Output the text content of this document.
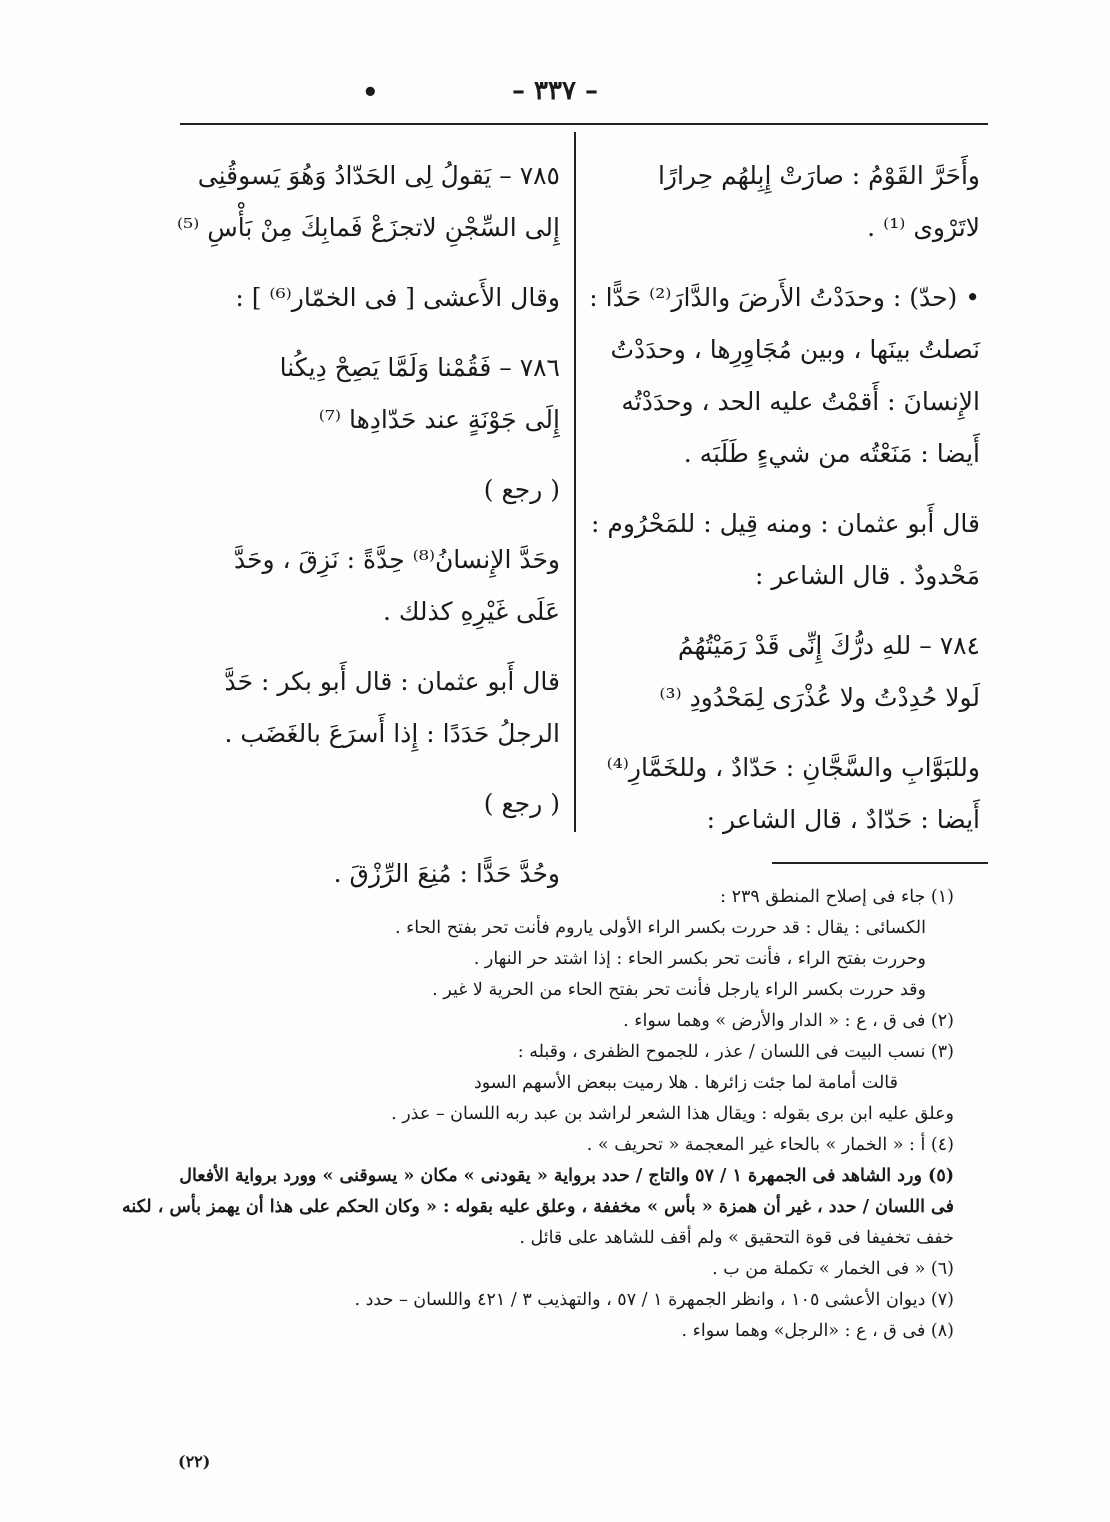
– ٣٣٧ –
•
وأَحَرَّ القَوْمُ : صارَتْ إِبِلهُم حِرارًا
لاتَرْوى ⁽¹⁾ .
• (حدّ) : وحدَدْتُ الأَرضَ والدَّارَ⁽²⁾ حَدًّا :
نَصلتُ بينَها ، وبين مُجَاوِرِها ، وحدَدْتُ
الإِنسانَ : أَقمْتُ عليه الحد ، وحدَدْتُه
أَيضا : مَنَعْتُه من شيءٍ طَلَبَه .
قال أَبو عثمان : ومنه قِيل : للمَحْرُوم :
مَحْدودٌ . قال الشاعر :
٧٨٤ – للهِ درُّكَ إِنِّى قَدْ رَمَيْتُهُمُ
لَولا حُدِدْتُ ولا عُذْرَى لِمَحْدُودِ ⁽³⁾
وللبَوَّابِ والسَّجَّانِ : حَدّادٌ ، وللخَمَّارِ⁽⁴⁾
أَيضا : حَدّادٌ ، قال الشاعر :
٧٨٥ – يَقولُ لِى الحَدّادُ وَهُوَ يَسوقُنِى
إِلى السِّجْنِ لاتجزَعْ فَمابِكَ مِنْ بَأْسِ ⁽⁵⁾
وقال الأَعشى [ فى الخمّار⁽⁶⁾ ] :
٧٨٦ – فَقُمْنا وَلَمَّا يَصِحْ دِيكُنا
إِلَى جَوْنَةٍ عند حَدّادِها ⁽⁷⁾
( رجع )
وحَدَّ الإِنسانُ⁽⁸⁾ حِدَّةً : نَزِقَ ، وحَدَّ
عَلَى غَيْرِهِ كذلك .
قال أَبو عثمان : قال أَبو بكر : حَدَّ
الرجلُ حَدَدًا : إِذا أَسرَعَ بالغَضَب .
( رجع )
وحُدَّ حَدًّا : مُنِعَ الرِّزْقَ .
(١) جاء فى إصلاح المنطق ٢٣٩ :
الكسائى : يقال : قد حررت بكسر الراء الأولى ياروم فأنت تحر بفتح الحاء .
وحررت بفتح الراء ، فأنت تحر بكسر الحاء : إذا اشتد حر النهار .
وقد حررت بكسر الراء يارجل فأنت تحر بفتح الحاء من الحرية لا غير .
(٢) فى ق ، ع : « الدار والأرض » وهما سواء .
(٣) نسب البيت فى اللسان / عذر ، للجموح الظفرى ، وقبله :
قالت أمامة لما جئت زائرها . هلا رميت ببعض الأسهم السود
وعلق عليه ابن برى بقوله : ويقال هذا الشعر لراشد بن عبد ربه اللسان – عذر .
(٤) أ : « الخمار » بالحاء غير المعجمة « تحريف » .
(٥) ورد الشاهد فى الجمهرة ١ / ٥٧ والتاج / حدد برواية « يقودنى » مكان « يسوقنى » وورد برواية الأفعال
فى اللسان / حدد ، غير أن همزة « بأس » مخففة ، وعلق عليه بقوله : « وكان الحكم على هذا أن يهمز بأس ، لكنه
خفف تخفيفا فى قوة التحقيق » ولم أقف للشاهد على قائل .
(٦) « فى الخمار » تكملة من ب .
(٧) ديوان الأعشى ١٠٥ ، وانظر الجمهرة ١ / ٥٧ ، والتهذيب ٣ / ٤٢١ واللسان – حدد .
(٨) فى ق ، ع : «الرجل» وهما سواء .
(٢٢)
